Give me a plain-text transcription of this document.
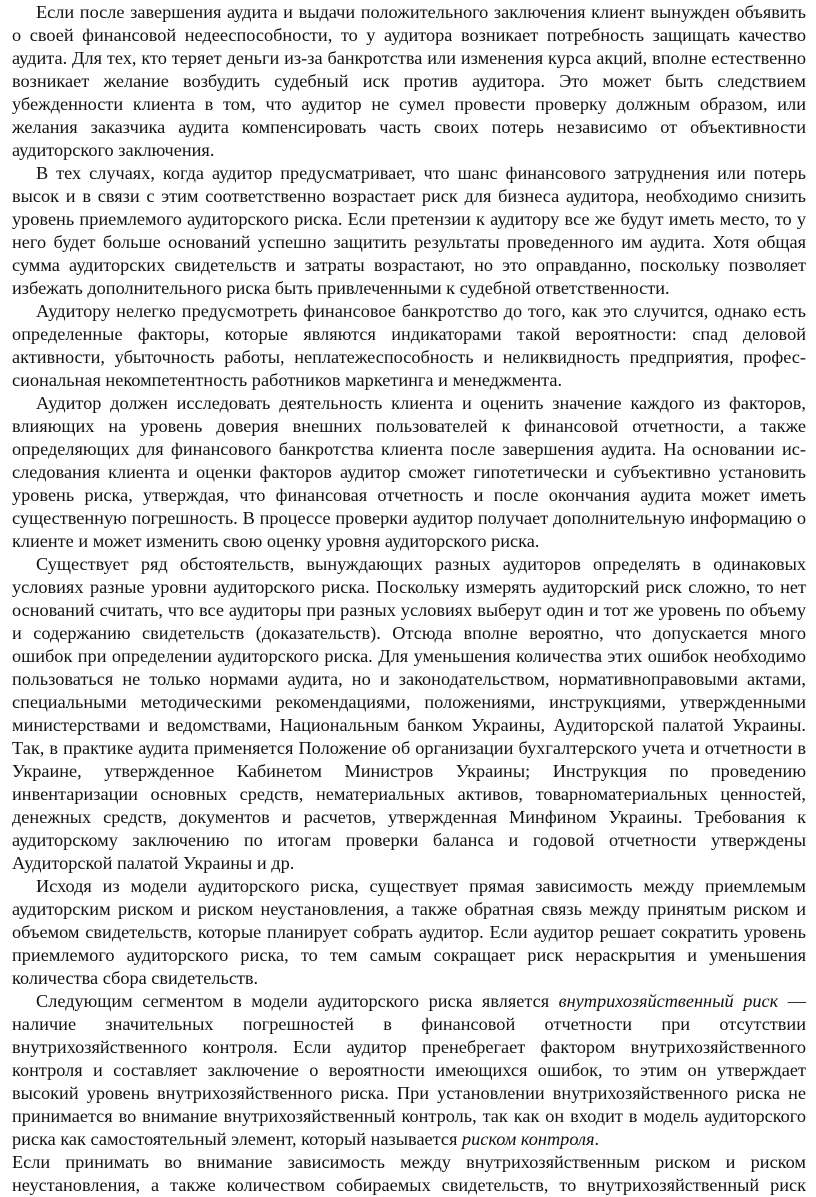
Если после завершения аудита и выдачи положительного заключения клиент вынужден объявить о своей финансовой недееспособности, то у аудитора возникает потребность защищать качество аудита. Для тех, кто теряет деньги из-за банкротства или изменения курса акций, вполне естественно возникает желание возбудить судебный иск против аудитора. Это может быть следствием убежденности клиента в том, что аудитор не сумел провести проверку должным образом, или желания заказчика аудита компенсировать часть своих потерь независимо от объективности аудиторского заключения.

В тех случаях, когда аудитор предусматривает, что шанс финансового затруднения или потерь высок и в связи с этим соответственно возрастает риск для бизнеса аудитора, необходимо снизить уровень приемлемого аудиторского риска. Если претензии к аудитору все же будут иметь место, то у него будет больше оснований успешно защитить результаты проведенного им аудита. Хотя общая сумма аудиторских свидетельств и затраты возрастают, но это оправданно, поскольку позволяет избежать дополнительного риска быть привлеченными к судебной ответственности.

Аудитору нелегко предусмотреть финансовое банкротство до того, как это случится, однако есть определенные факторы, которые являются индикаторами такой вероятности: спад деловой активности, убыточность работы, неплатежеспособность и неликвидность предприятия, профессиональная некомпетентность работников маркетинга и менеджмента.

Аудитор должен исследовать деятельность клиента и оценить значение каждого из факторов, влияющих на уровень доверия внешних пользователей к финансовой отчетности, а также определяющих для финансового банкротства клиента после завершения аудита. На основании исследования клиента и оценки факторов аудитор сможет гипотетически и субъективно установить уровень риска, утверждая, что финансовая отчетность и после окончания аудита может иметь существенную погрешность. В процессе проверки аудитор получает дополнительную информацию о клиенте и может изменить свою оценку уровня аудиторского риска.

Существует ряд обстоятельств, вынуждающих разных аудиторов определять в одинаковых условиях разные уровни аудиторского риска. Поскольку измерять аудиторский риск сложно, то нет оснований считать, что все аудиторы при разных условиях выберут один и тот же уровень по объему и содержанию свидетельств (доказательств). Отсюда вполне вероятно, что допускается много ошибок при определении аудиторского риска. Для уменьшения количества этих ошибок необходимо пользоваться не только нормами аудита, но и законодательством, нормативноправовыми актами, специальными методическими рекомендациями, положениями, инструкциями, утвержденными министерствами и ведомствами, Национальным банком Украины, Аудиторской палатой Украины. Так, в практике аудита применяется Положение об организации бухгалтерского учета и отчетности в Украине, утвержденное Кабинетом Министров Украины; Инструкция по проведению инвентаризации основных средств, нематериальных активов, товарноматериальных ценностей, денежных средств, документов и расчетов, утвержденная Минфином Украины. Требования к аудиторскому заключению по итогам проверки баланса и годовой отчетности утверждены Аудиторской палатой Украины и др.

Исходя из модели аудиторского риска, существует прямая зависимость между приемлемым аудиторским риском и риском неустановления, а также обратная связь между принятым риском и объемом свидетельств, которые планирует собрать аудитор. Если аудитор решает сократить уровень приемлемого аудиторского риска, то тем самым сокращает риск нераскрытия и уменьшения количества сбора свидетельств.

Следующим сегментом в модели аудиторского риска является внутрихозяйственный риск — наличие значительных погрешностей в финансовой отчетности при отсутствии внутрихозяйственного контроля. Если аудитор пренебрегает фактором внутрихозяйственного контроля и составляет заключение о вероятности имеющихся ошибок, то этим он утверждает высокий уровень внутрихозяйственного риска. При установлении внутрихозяйственного риска не принимается во внимание внутрихозяйственный контроль, так как он входит в модель аудиторского риска как самостоятельный элемент, который называется риском контроля.

Если принимать во внимание зависимость между внутрихозяйственным риском и риском неустановления, а также количеством собираемых свидетельств, то внутрихозяйственный риск
